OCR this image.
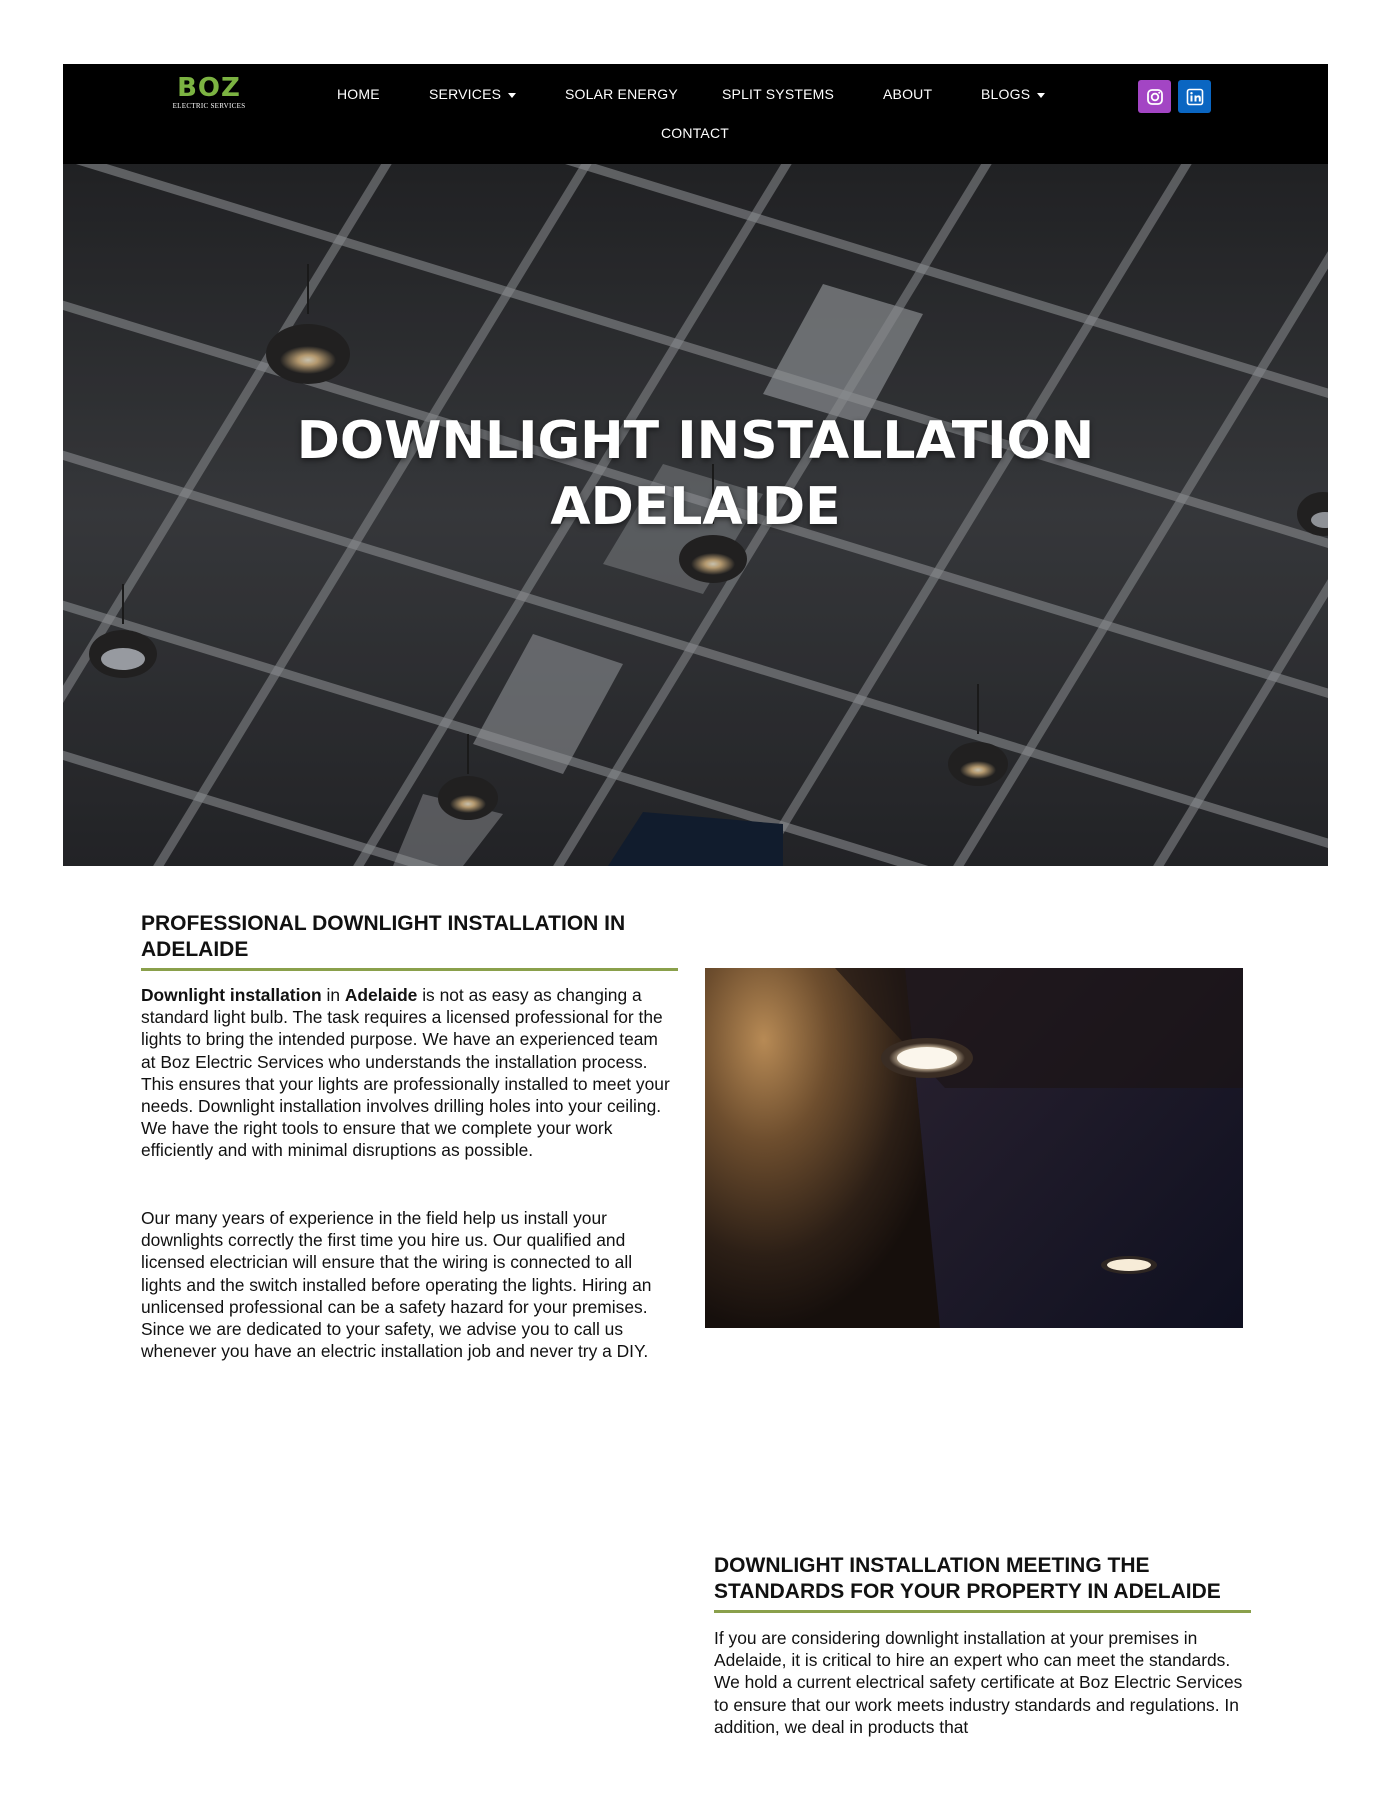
BOZ
ELECTRIC SERVICES
HOME	SERVICES	SOLAR ENERGY	SPLIT SYSTEMS	ABOUT	BLOGS
CONTACT
DOWNLIGHT INSTALLATION
ADELAIDE
PROFESSIONAL DOWNLIGHT INSTALLATION IN
ADELAIDE

Downlight installation in Adelaide is not as easy as changing a standard light bulb. The task requires a licensed professional for the lights to bring the intended purpose. We have an experienced team at Boz Electric Services who understands the installation process. This ensures that your lights are professionally installed to meet your needs. Downlight installation involves drilling holes into your ceiling. We have the right tools to ensure that we complete your work efficiently and with minimal disruptions as possible.

Our many years of experience in the field help us install your downlights correctly the first time you hire us. Our qualified and licensed electrician will ensure that the wiring is connected to all lights and the switch installed before operating the lights. Hiring an unlicensed professional can be a safety hazard for your premises. Since we are dedicated to your safety, we advise you to call us whenever you have an electric installation job and never try a DIY.

DOWNLIGHT INSTALLATION MEETING THE
STANDARDS FOR YOUR PROPERTY IN ADELAIDE

If you are considering downlight installation at your premises in Adelaide, it is critical to hire an expert who can meet the standards. We hold a current electrical safety certificate at Boz Electric Services to ensure that our work meets industry standards and regulations. In addition, we deal in products that
